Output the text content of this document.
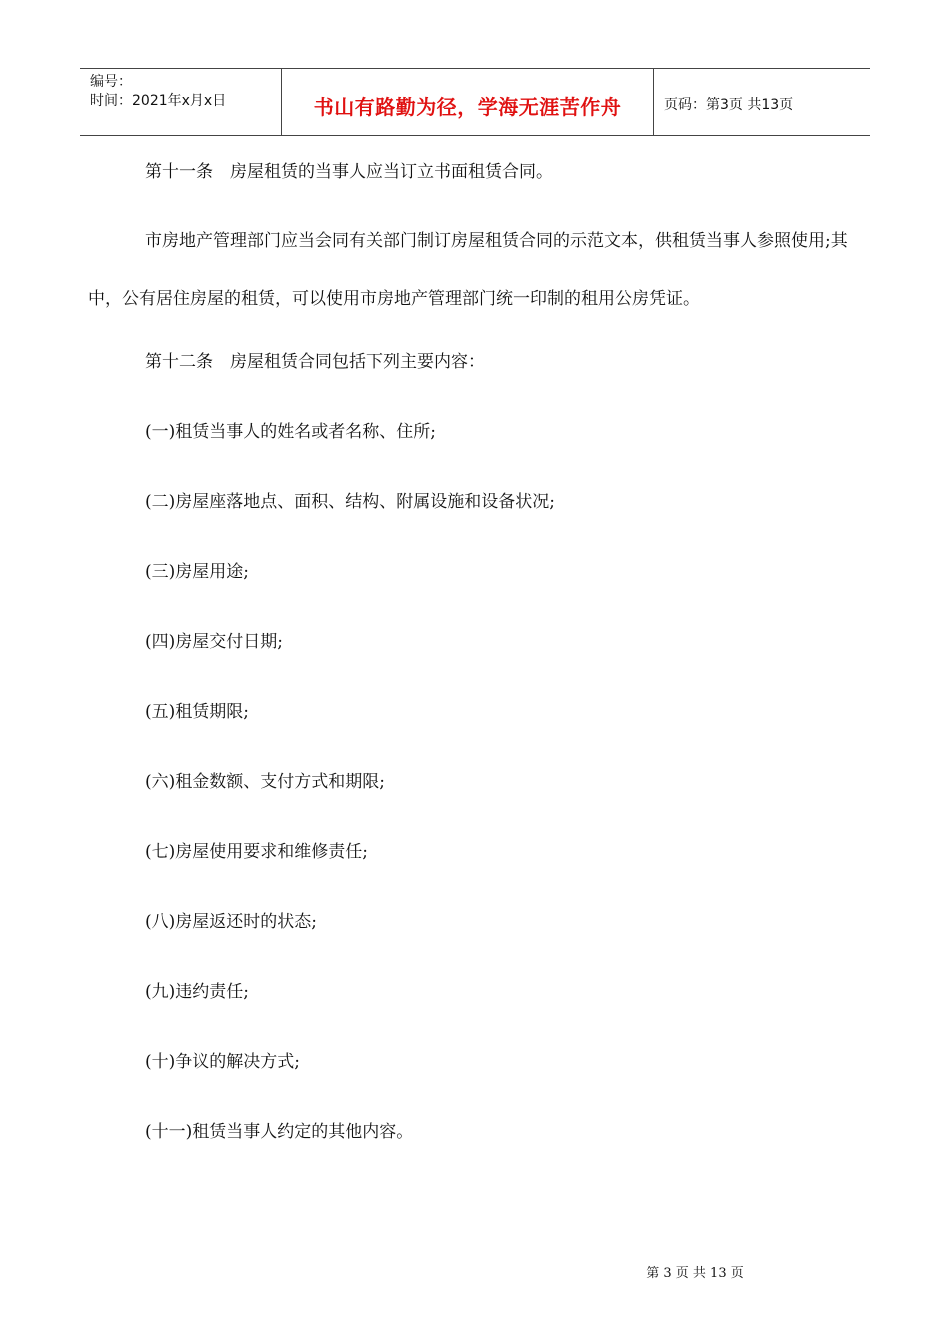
编号：
时间：2021年x月x日	书山有路勤为径，学海无涯苦作舟	页码：第3页 共13页

第十一条　房屋租赁的当事人应当订立书面租赁合同。

市房地产管理部门应当会同有关部门制订房屋租赁合同的示范文本，供租赁当事人参照使用;其中，公有居住房屋的租赁，可以使用市房地产管理部门统一印制的租用公房凭证。

第十二条　房屋租赁合同包括下列主要内容：

(一)租赁当事人的姓名或者名称、住所;

(二)房屋座落地点、面积、结构、附属设施和设备状况;

(三)房屋用途;

(四)房屋交付日期;

(五)租赁期限;

(六)租金数额、支付方式和期限;

(七)房屋使用要求和维修责任;

(八)房屋返还时的状态;

(九)违约责任;

(十)争议的解决方式;

(十一)租赁当事人约定的其他内容。

第 3 页 共 13 页
